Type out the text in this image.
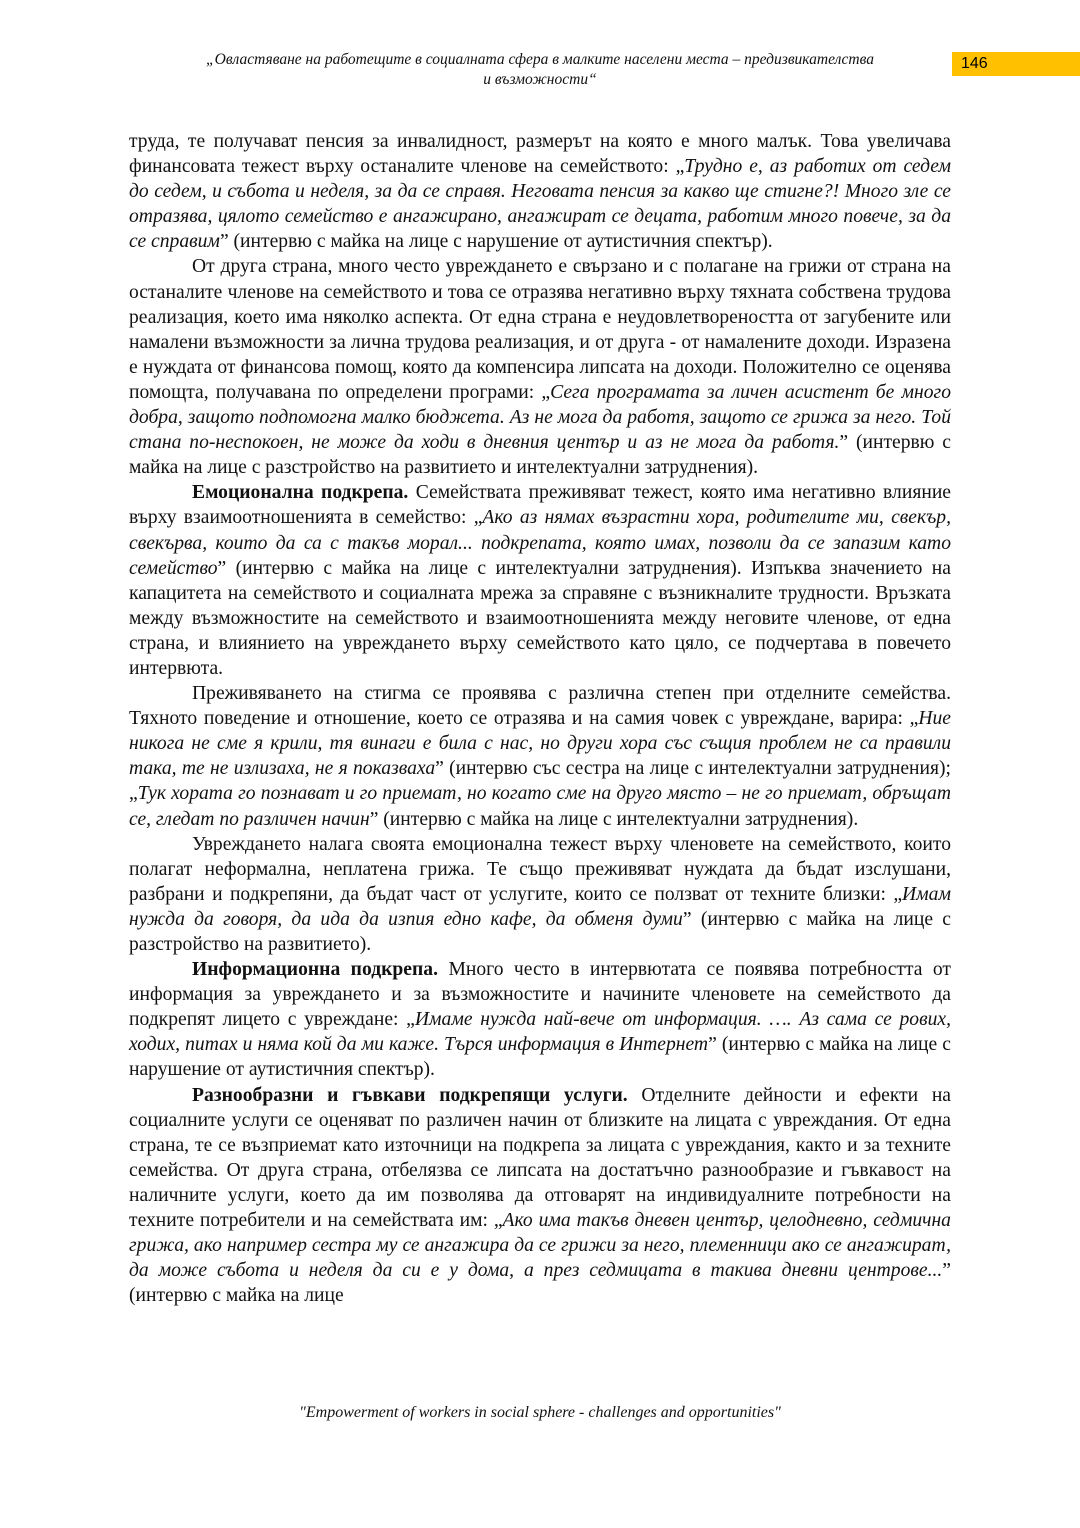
„Овластяване на работещите в социалната сфера в малките населени места – предизвикателства
и възможности“
146

труда, те получават пенсия за инвалидност, размерът на която е много малък. Това увеличава финансовата тежест върху останалите членове на семейството: „Трудно е, аз работих от седем до седем, и събота и неделя, за да се справя. Неговата пенсия за какво ще стигне?! Много зле се отразява, цялото семейство е ангажирано, ангажират се децата, работим много повече, за да се справим” (интервю с майка на лице с нарушение от аутистичния спектър).

От друга страна, много често увреждането е свързано и с полагане на грижи от страна на останалите членове на семейството и това се отразява негативно върху тяхната собствена трудова реализация, което има няколко аспекта. От една страна е неудовлетвореността от загубените или намалени възможности за лична трудова реализация, и от друга - от намалените доходи. Изразена е нуждата от финансова помощ, която да компенсира липсата на доходи. Положително се оценява помощта, получавана по определени програми: „Сега програмата за личен асистент бе много добра, защото подпомогна малко бюджета. Аз не мога да работя, защото се грижа за него. Той стана по-неспокоен, не може да ходи в дневния център и аз не мога да работя.” (интервю с майка на лице с разстройство на развитието и интелектуални затруднения).

Емоционална подкрепа. Семействата преживяват тежест, която има негативно влияние върху взаимоотношенията в семейство: „Ако аз нямах възрастни хора, родителите ми, свекър, свекърва, които да са с такъв морал... подкрепата, която имах, позволи да се запазим като семейство” (интервю с майка на лице с интелектуални затруднения). Изпъква значението на капацитета на семейството и социалната мрежа за справяне с възникналите трудности. Връзката между възможностите на семейството и взаимоотношенията между неговите членове, от една страна, и влиянието на увреждането върху семейството като цяло, се подчертава в повечето интервюта.

Преживяването на стигма се проявява с различна степен при отделните семейства. Тяхното поведение и отношение, което се отразява и на самия човек с увреждане, варира: „Ние никога не сме я крили, тя винаги е била с нас, но други хора със същия проблем не са правили така, те не излизаха, не я показваха” (интервю със сестра на лице с интелектуални затруднения); „Тук хората го познават и го приемат, но когато сме на друго място – не го приемат, обръщат се, гледат по различен начин” (интервю с майка на лице с интелектуални затруднения).

Увреждането налага своята емоционална тежест върху членовете на семейството, които полагат неформална, неплатена грижа. Те също преживяват нуждата да бъдат изслушани, разбрани и подкрепяни, да бъдат част от услугите, които се ползват от техните близки: „Имам нужда да говоря, да ида да изпия едно кафе, да обменя думи” (интервю с майка на лице с разстройство на развитието).

Информационна подкрепа. Много често в интервютата се появява потребността от информация за увреждането и за възможностите и начините членовете на семейството да подкрепят лицето с увреждане: „Имаме нужда най-вече от информация. …. Аз сама се рових, ходих, питах и няма кой да ми каже. Търся информация в Интернет” (интервю с майка на лице с нарушение от аутистичния спектър).

Разнообразни и гъвкави подкрепящи услуги. Отделните дейности и ефекти на социалните услуги се оценяват по различен начин от близките на лицата с увреждания. От една страна, те се възприемат като източници на подкрепа за лицата с увреждания, както и за техните семейства. От друга страна, отбелязва се липсата на достатъчно разнообразие и гъвкавост на наличните услуги, което да им позволява да отговарят на индивидуалните потребности на техните потребители и на семействата им: „Ако има такъв дневен център, целодневно, седмична грижа, ако например сестра му се ангажира да се грижи за него, племенници ако се ангажират, да може събота и неделя да си е у дома, а през седмицата в такива дневни центрове...” (интервю с майка на лице

"Empowerment of workers in social sphere - challenges and opportunities"
